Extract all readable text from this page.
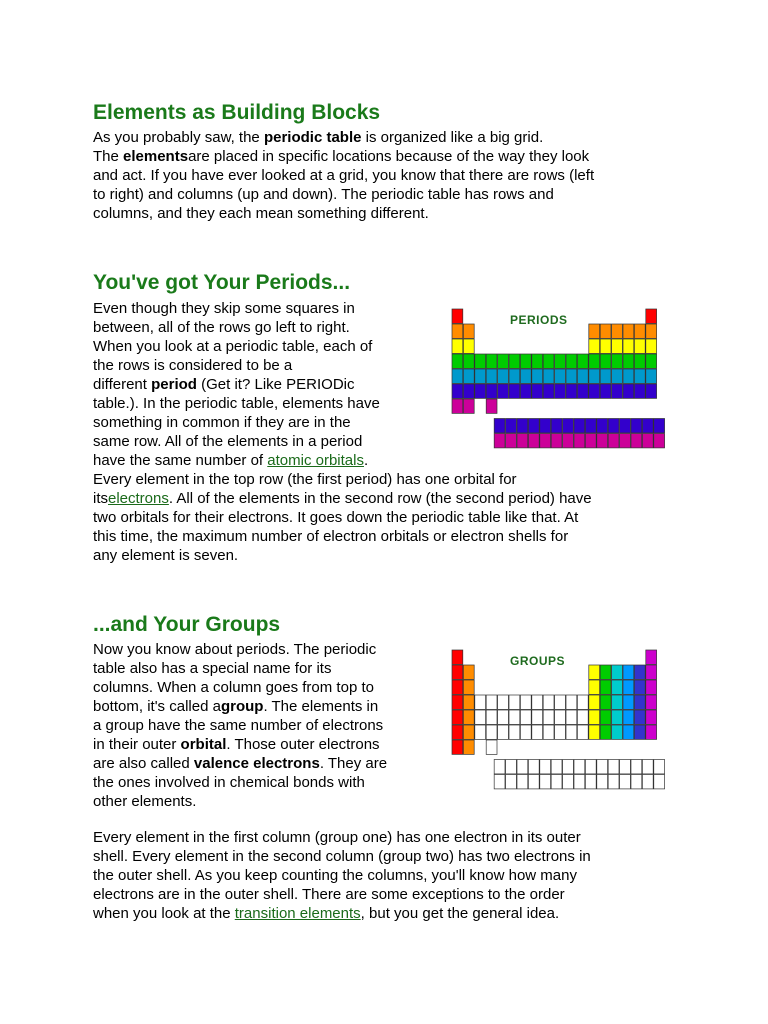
Elements as Building Blocks
As you probably saw, the periodic table is organized like a big grid.
The elementsare placed in specific locations because of the way they look
and act. If you have ever looked at a grid, you know that there are rows (left
to right) and columns (up and down). The periodic table has rows and
columns, and they each mean something different.
You've got Your Periods...
Even though they skip some squares in
between, all of the rows go left to right.
When you look at a periodic table, each of
the rows is considered to be a
different period (Get it? Like PERIODic
table.). In the periodic table, elements have
something in common if they are in the
same row. All of the elements in a period
have the same number of atomic orbitals.
Every element in the top row (the first period) has one orbital for
itselectrons. All of the elements in the second row (the second period) have
two orbitals for their electrons. It goes down the periodic table like that. At
this time, the maximum number of electron orbitals or electron shells for
any element is seven.
PERIODS
...and Your Groups
Now you know about periods. The periodic
table also has a special name for its
columns. When a column goes from top to
bottom, it's called agroup. The elements in
a group have the same number of electrons
in their outer orbital. Those outer electrons
are also called valence electrons. They are
the ones involved in chemical bonds with
other elements.
GROUPS
Every element in the first column (group one) has one electron in its outer
shell. Every element in the second column (group two) has two electrons in
the outer shell. As you keep counting the columns, you'll know how many
electrons are in the outer shell. There are some exceptions to the order
when you look at the transition elements, but you get the general idea.
